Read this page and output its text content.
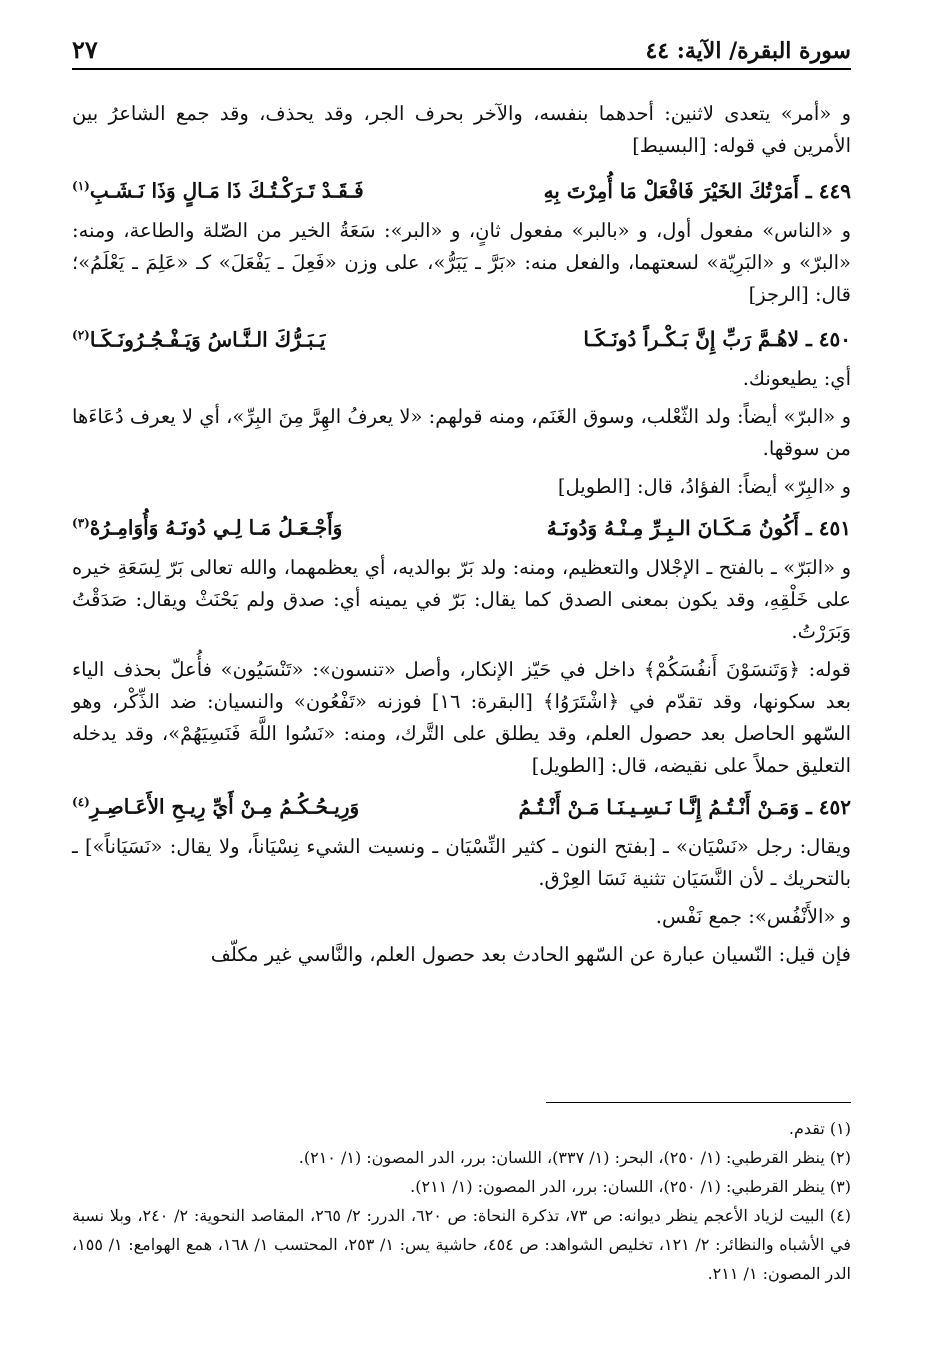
سورة البقرة/ الآية: ٤٤
٢٧

و «أمر» يتعدى لاثنين: أحدهما بنفسه، والآخر بحرف الجر، وقد يحذف، وقد جمع الشاعرُ بين الأمرين في قوله: [البسيط]

٤٤٩ ـ أَمَرْتُكَ الخَيْرَ فَافْعَلْ مَا أُمِرْتَ بِهِ
فَـقَـدْ تَـرَكْـتُـكَ ذَا مَـالٍ وَذَا نَـشَـبِ$^{(١)}$

و «الناس» مفعول أول، و «بالبر» مفعول ثانٍ، و «البر»: سَعَةُ الخير من الصّلة والطاعة، ومنه: «البرّ» و «البَرِيّة» لسعتهما، والفعل منه: «بَرَّ ـ يَبَرُّ»، على وزن «فَعِلَ ـ يَفْعَلَ» كـ «عَلِمَ ـ يَعْلَمُ»؛ قال: [الرجز]

٤٥٠ ـ لاهُـمَّ رَبِّ إِنَّ بَـكْـراً دُونَـكَـا
يَـبَـرُّكَ الـنَّـاسُ وَيَـفْـجُـرُونَـكَـا$^{(٢)}$

أي: يطيعونك.

و «البرّ» أيضاً: ولد الثّعْلب، وسوق الغَنَم، ومنه قولهم: «لا يعرفُ الهِرَّ مِنَ البِرِّ»، أي لا يعرف دُعَاءَها من سوقها.

و «البِرّ» أيضاً: الفؤادُ، قال: [الطويل]

٤٥١ ـ أَكُونُ مَـكَـانَ الـبِـرِّ مِـنْـهُ وَدُونَـهُ
وَأَجْـعَـلُ مَـا لِـي دُونَـهُ وَأُوَامِـرُهْ$^{(٣)}$

و «البَرّ» ـ بالفتح ـ الإجْلال والتعظيم، ومنه: ولد بَرّ بوالديه، أي يعظمهما، والله تعالى بَرّ لِسَعَةِ خيره على خَلْقِهِ، وقد يكون بمعنى الصدق كما يقال: بَرّ في يمينه أي: صدق ولم يَحْنَثْ ويقال: صَدَقْتُ وَبَرَرْتُ.

قوله: ﴿وَتَنسَوْنَ أَنفُسَكُمْ﴾ داخل في حَيّز الإنكار، وأصل «تنسون»: «تَنْسَيُون» فأُعلّ بحذف الياء بعد سكونها، وقد تقدّم في ﴿اشْتَرَوُا﴾ [البقرة: ١٦] فوزنه «تَفْعُون» والنسيان: ضد الذِّكْر، وهو السّهو الحاصل بعد حصول العلم، وقد يطلق على التَّرك، ومنه: «نَسُوا اللَّهَ فَنَسِيَهُمْ»، وقد يدخله التعليق حملاً على نقيضه، قال: [الطويل]

٤٥٢ ـ وَمَـنْ أَنْـتُـمُ إِنَّـا نَـسِـيـنَـا مَـنْ أَنْـتُـمُ
وَرِيـحُـكُـمُ مِـنْ أَيِّ رِيـحِ الأَعَـاصِـرِ$^{(٤)}$

ويقال: رجل «نَسْيَان» ـ [بفتح النون ـ كثير النِّسْيَان ـ ونسيت الشيء نِسْيَاناً، ولا يقال: «نَسَيَاناً»] ـ بالتحريك ـ لأن النَّسَيَان تثنية نَسَا العِرْق.

و «الأَنْفُس»: جمع نَفْس.

فإن قيل: النّسيان عبارة عن السّهو الحادث بعد حصول العلم، والنَّاسي غير مكلّف

(١) تقدم.

(٢) ينظر القرطبي: (١/ ٢٥٠)، البحر: (١/ ٣٣٧)، اللسان: برر، الدر المصون: (١/ ٢١٠).

(٣) ينظر القرطبي: (١/ ٢٥٠)، اللسان: برر، الدر المصون: (١/ ٢١١).

(٤) البيت لزياد الأعجم ينظر ديوانه: ص ٧٣، تذكرة النحاة: ص ٦٢٠، الدرر: ٢/ ٢٦٥، المقاصد النحوية: ٢/ ٢٤٠، وبلا نسبة في الأشباه والنظائر: ٢/ ١٢١، تخليص الشواهد: ص ٤٥٤، حاشية يس: ١/ ٢٥٣، المحتسب ١/ ١٦٨، همع الهوامع: ١/ ١٥٥، الدر المصون: ١/ ٢١١.
